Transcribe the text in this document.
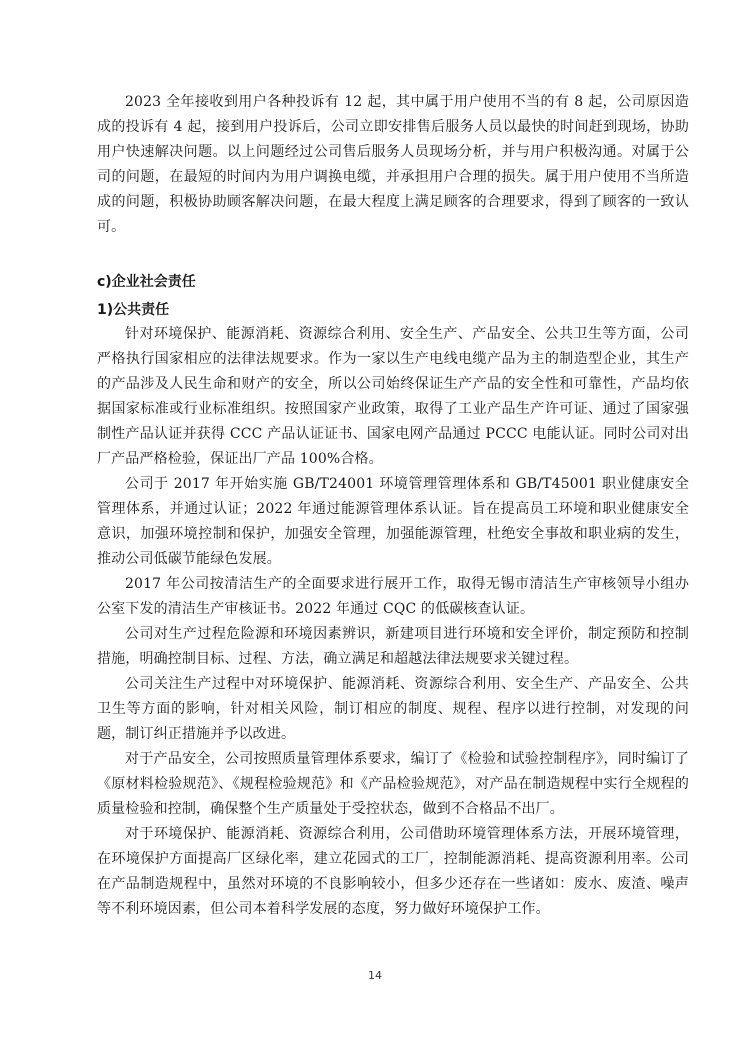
2023 全年接收到用户各种投诉有 12 起，其中属于用户使用不当的有 8 起，公司原因造成的投诉有 4 起，接到用户投诉后，公司立即安排售后服务人员以最快的时间赶到现场，协助用户快速解决问题。以上问题经过公司售后服务人员现场分析，并与用户积极沟通。对属于公司的问题，在最短的时间内为用户调换电缆，并承担用户合理的损失。属于用户使用不当所造成的问题，积极协助顾客解决问题，在最大程度上满足顾客的合理要求，得到了顾客的一致认可。

c)企业社会责任
1)公共责任

针对环境保护、能源消耗、资源综合利用、安全生产、产品安全、公共卫生等方面，公司严格执行国家相应的法律法规要求。作为一家以生产电线电缆产品为主的制造型企业，其生产的产品涉及人民生命和财产的安全，所以公司始终保证生产产品的安全性和可靠性，产品均依据国家标准或行业标准组织。按照国家产业政策，取得了工业产品生产许可证、通过了国家强制性产品认证并获得 CCC 产品认证证书、国家电网产品通过 PCCC 电能认证。同时公司对出厂产品严格检验，保证出厂产品 100%合格。

公司于 2017 年开始实施 GB/T24001 环境管理管理体系和 GB/T45001 职业健康安全管理体系，并通过认证；2022 年通过能源管理体系认证。旨在提高员工环境和职业健康安全意识，加强环境控制和保护，加强安全管理，加强能源管理，杜绝安全事故和职业病的发生，推动公司低碳节能绿色发展。

2017 年公司按清洁生产的全面要求进行展开工作，取得无锡市清洁生产审核领导小组办公室下发的清洁生产审核证书。2022 年通过 CQC 的低碳核查认证。

公司对生产过程危险源和环境因素辨识，新建项目进行环境和安全评价，制定预防和控制措施，明确控制目标、过程、方法，确立满足和超越法律法规要求关键过程。

公司关注生产过程中对环境保护、能源消耗、资源综合利用、安全生产、产品安全、公共卫生等方面的影响，针对相关风险，制订相应的制度、规程、程序以进行控制，对发现的问题，制订纠正措施并予以改进。

对于产品安全，公司按照质量管理体系要求，编订了《检验和试验控制程序》，同时编订了《原材料检验规范》、《规程检验规范》和《产品检验规范》，对产品在制造规程中实行全规程的质量检验和控制，确保整个生产质量处于受控状态，做到不合格品不出厂。

对于环境保护、能源消耗、资源综合利用，公司借助环境管理体系方法，开展环境管理，在环境保护方面提高厂区绿化率，建立花园式的工厂，控制能源消耗、提高资源利用率。公司在产品制造规程中，虽然对环境的不良影响较小，但多少还存在一些诸如：废水、废渣、噪声等不利环境因素，但公司本着科学发展的态度，努力做好环境保护工作。

14
